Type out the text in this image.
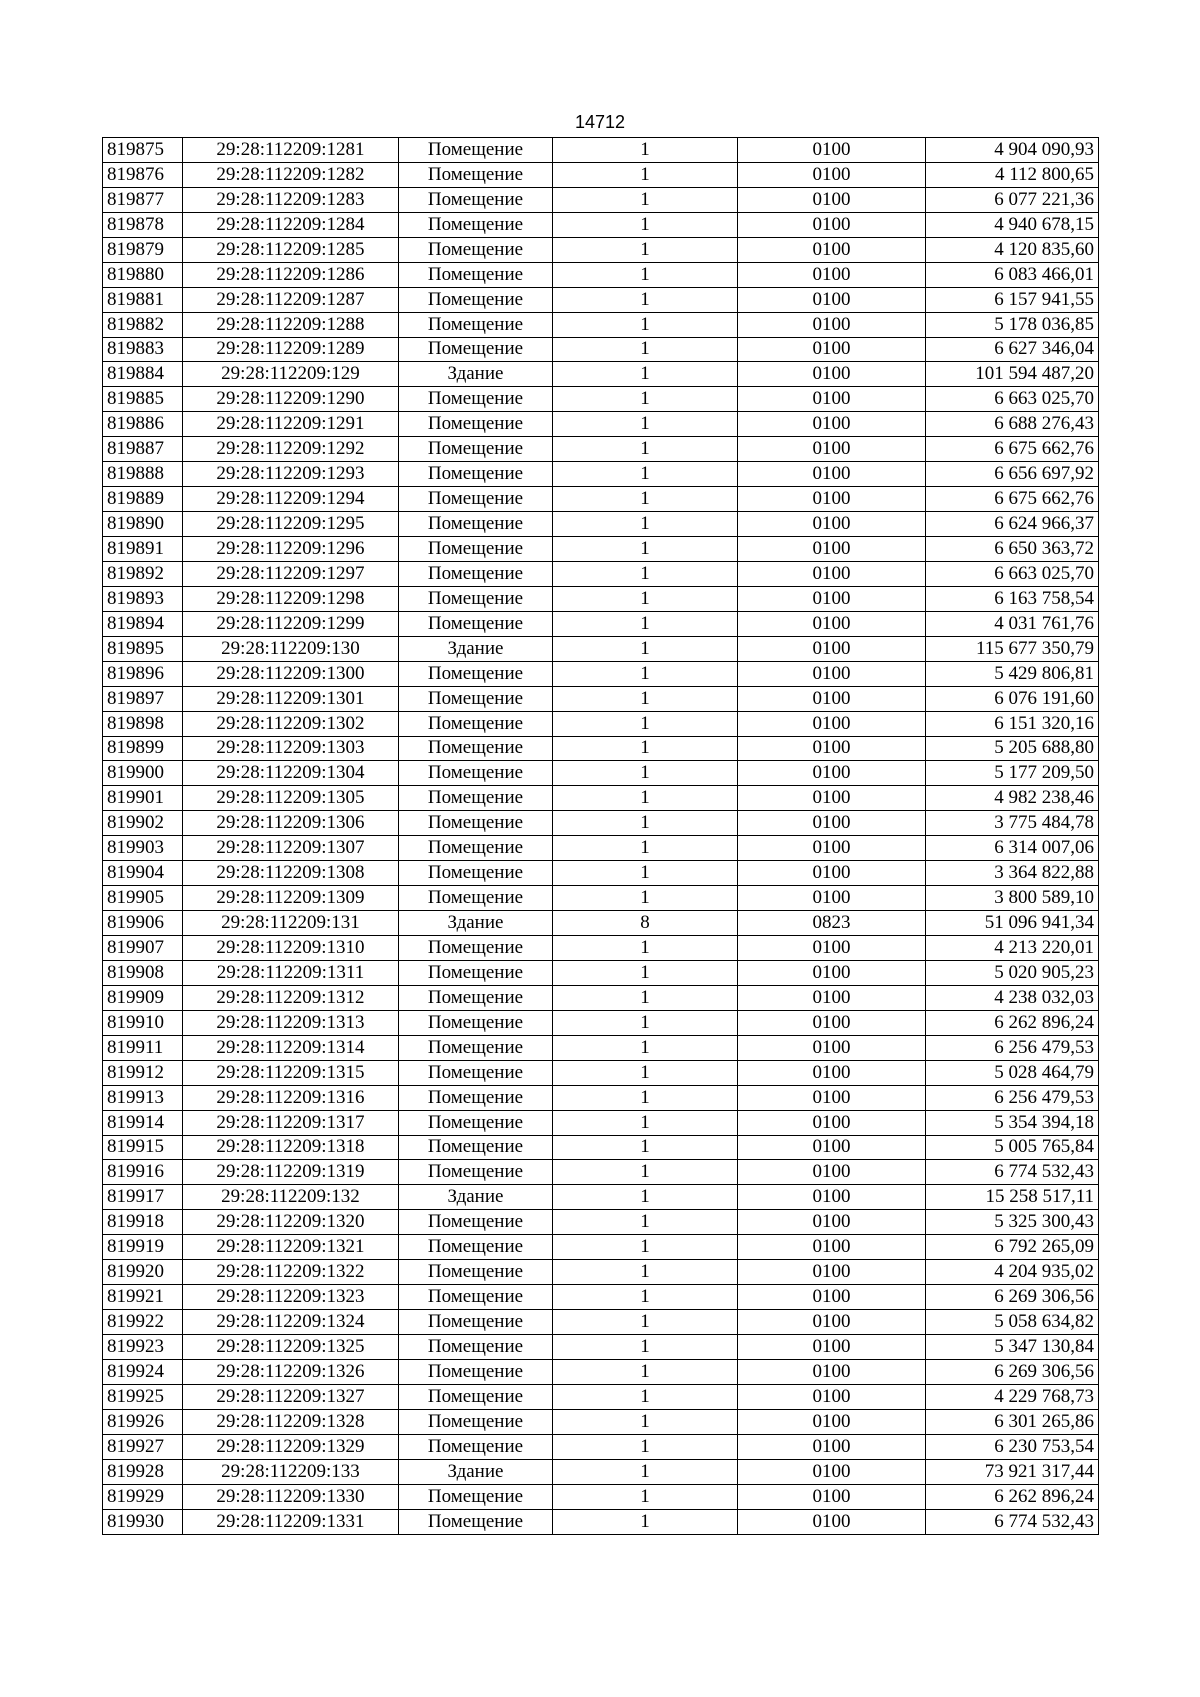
14712
819875	29:28:112209:1281	Помещение	1	0100	4 904 090,93
819876	29:28:112209:1282	Помещение	1	0100	4 112 800,65
819877	29:28:112209:1283	Помещение	1	0100	6 077 221,36
819878	29:28:112209:1284	Помещение	1	0100	4 940 678,15
819879	29:28:112209:1285	Помещение	1	0100	4 120 835,60
819880	29:28:112209:1286	Помещение	1	0100	6 083 466,01
819881	29:28:112209:1287	Помещение	1	0100	6 157 941,55
819882	29:28:112209:1288	Помещение	1	0100	5 178 036,85
819883	29:28:112209:1289	Помещение	1	0100	6 627 346,04
819884	29:28:112209:129	Здание	1	0100	101 594 487,20
819885	29:28:112209:1290	Помещение	1	0100	6 663 025,70
819886	29:28:112209:1291	Помещение	1	0100	6 688 276,43
819887	29:28:112209:1292	Помещение	1	0100	6 675 662,76
819888	29:28:112209:1293	Помещение	1	0100	6 656 697,92
819889	29:28:112209:1294	Помещение	1	0100	6 675 662,76
819890	29:28:112209:1295	Помещение	1	0100	6 624 966,37
819891	29:28:112209:1296	Помещение	1	0100	6 650 363,72
819892	29:28:112209:1297	Помещение	1	0100	6 663 025,70
819893	29:28:112209:1298	Помещение	1	0100	6 163 758,54
819894	29:28:112209:1299	Помещение	1	0100	4 031 761,76
819895	29:28:112209:130	Здание	1	0100	115 677 350,79
819896	29:28:112209:1300	Помещение	1	0100	5 429 806,81
819897	29:28:112209:1301	Помещение	1	0100	6 076 191,60
819898	29:28:112209:1302	Помещение	1	0100	6 151 320,16
819899	29:28:112209:1303	Помещение	1	0100	5 205 688,80
819900	29:28:112209:1304	Помещение	1	0100	5 177 209,50
819901	29:28:112209:1305	Помещение	1	0100	4 982 238,46
819902	29:28:112209:1306	Помещение	1	0100	3 775 484,78
819903	29:28:112209:1307	Помещение	1	0100	6 314 007,06
819904	29:28:112209:1308	Помещение	1	0100	3 364 822,88
819905	29:28:112209:1309	Помещение	1	0100	3 800 589,10
819906	29:28:112209:131	Здание	8	0823	51 096 941,34
819907	29:28:112209:1310	Помещение	1	0100	4 213 220,01
819908	29:28:112209:1311	Помещение	1	0100	5 020 905,23
819909	29:28:112209:1312	Помещение	1	0100	4 238 032,03
819910	29:28:112209:1313	Помещение	1	0100	6 262 896,24
819911	29:28:112209:1314	Помещение	1	0100	6 256 479,53
819912	29:28:112209:1315	Помещение	1	0100	5 028 464,79
819913	29:28:112209:1316	Помещение	1	0100	6 256 479,53
819914	29:28:112209:1317	Помещение	1	0100	5 354 394,18
819915	29:28:112209:1318	Помещение	1	0100	5 005 765,84
819916	29:28:112209:1319	Помещение	1	0100	6 774 532,43
819917	29:28:112209:132	Здание	1	0100	15 258 517,11
819918	29:28:112209:1320	Помещение	1	0100	5 325 300,43
819919	29:28:112209:1321	Помещение	1	0100	6 792 265,09
819920	29:28:112209:1322	Помещение	1	0100	4 204 935,02
819921	29:28:112209:1323	Помещение	1	0100	6 269 306,56
819922	29:28:112209:1324	Помещение	1	0100	5 058 634,82
819923	29:28:112209:1325	Помещение	1	0100	5 347 130,84
819924	29:28:112209:1326	Помещение	1	0100	6 269 306,56
819925	29:28:112209:1327	Помещение	1	0100	4 229 768,73
819926	29:28:112209:1328	Помещение	1	0100	6 301 265,86
819927	29:28:112209:1329	Помещение	1	0100	6 230 753,54
819928	29:28:112209:133	Здание	1	0100	73 921 317,44
819929	29:28:112209:1330	Помещение	1	0100	6 262 896,24
819930	29:28:112209:1331	Помещение	1	0100	6 774 532,43
